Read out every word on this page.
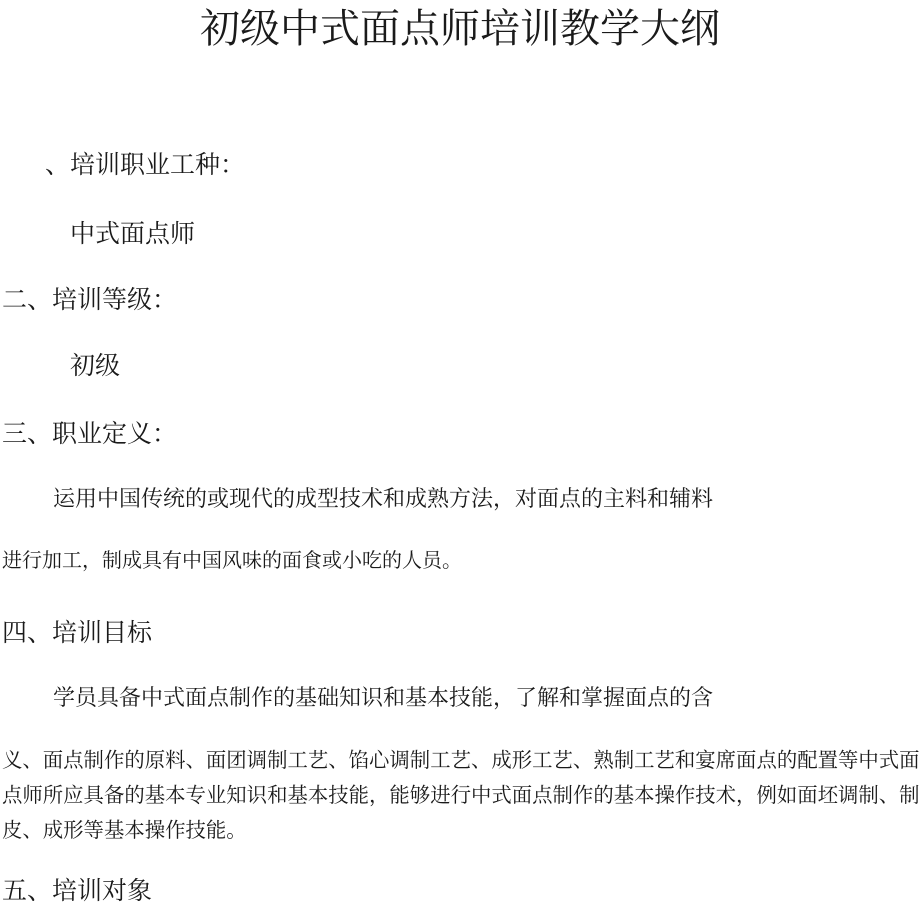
初级中式面点师培训教学大纲

、培训职业工种：

中式面点师

二、培训等级：

初级

三、职业定义：

运用中国传统的或现代的成型技术和成熟方法，对面点的主料和辅料

进行加工，制成具有中国风味的面食或小吃的人员。

四、培训目标

学员具备中式面点制作的基础知识和基本技能，了解和掌握面点的含

义、面点制作的原料、面团调制工艺、馅心调制工艺、成形工艺、熟制工艺和宴席面点的配置等中式面

点师所应具备的基本专业知识和基本技能，能够进行中式面点制作的基本操作技术，例如面坯调制、制

皮、成形等基本操作技能。

五、培训对象
